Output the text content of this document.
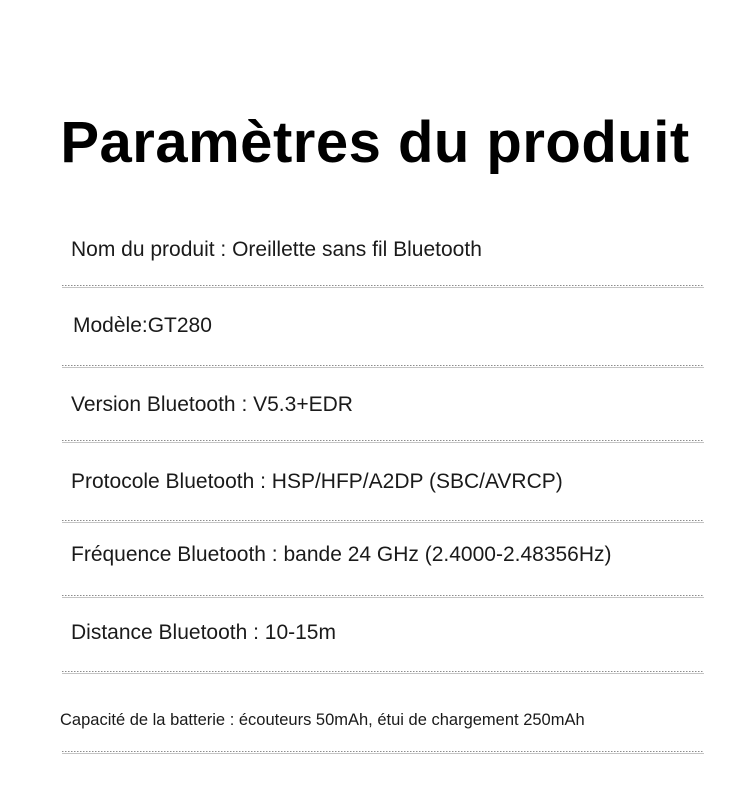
Paramètres du produit
Nom du produit : Oreillette sans fil Bluetooth
Modèle:GT280
Version Bluetooth : V5.3+EDR
Protocole Bluetooth : HSP/HFP/A2DP (SBC/AVRCP)
Fréquence Bluetooth : bande 24 GHz (2.4000-2.48356Hz)
Distance Bluetooth : 10-15m
Capacité de la batterie : écouteurs 50mAh, étui de chargement 250mAh
